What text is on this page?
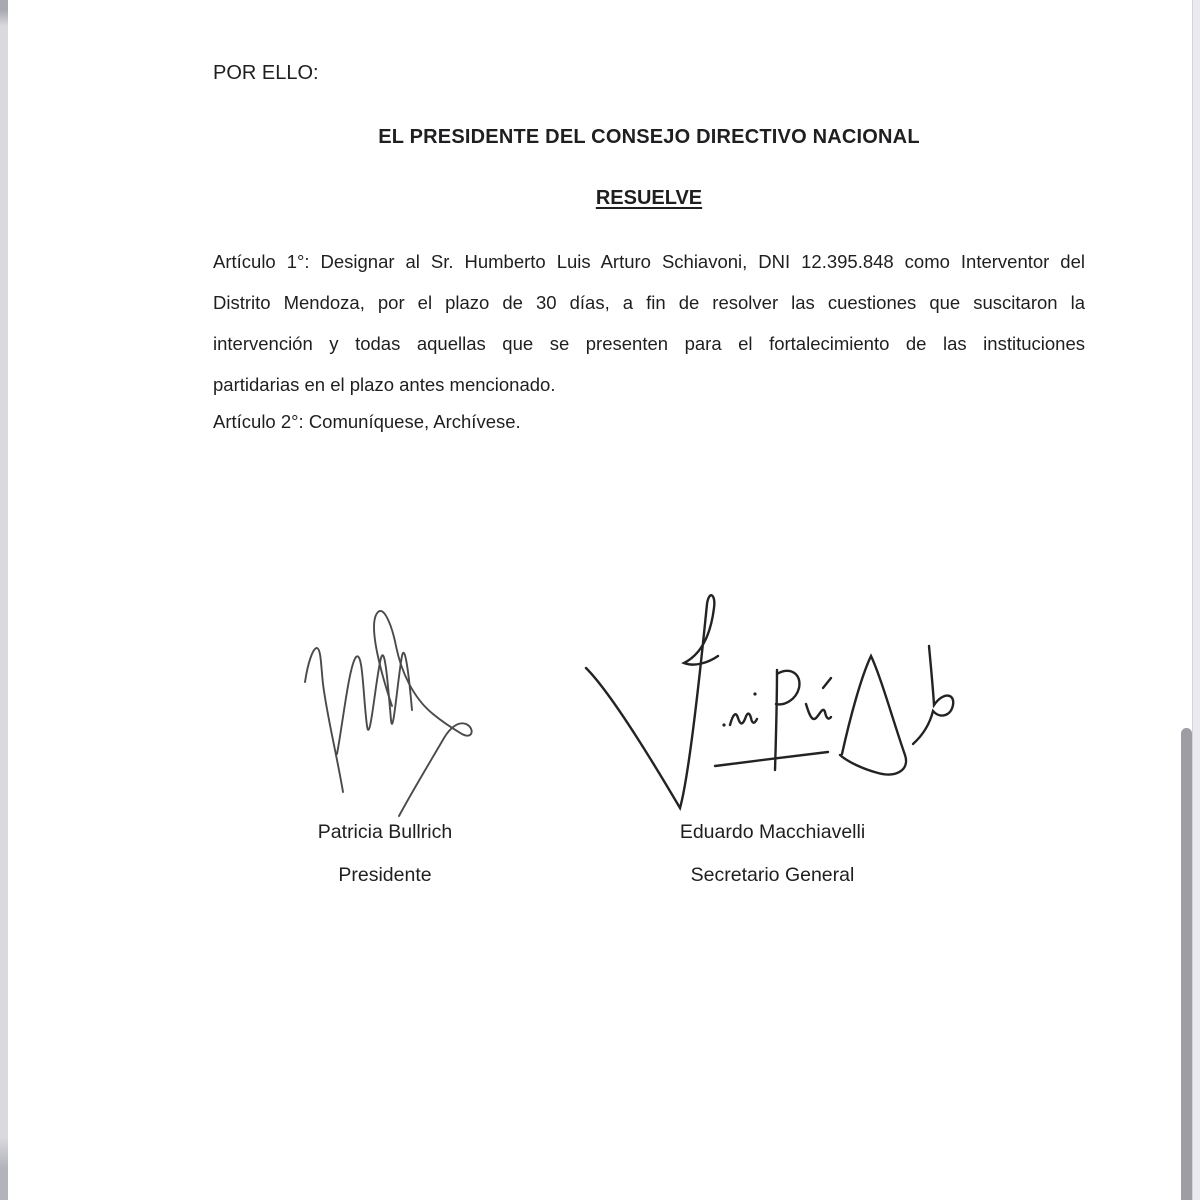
POR ELLO:
EL PRESIDENTE DEL CONSEJO DIRECTIVO NACIONAL
RESUELVE
Artículo 1°: Designar al Sr. Humberto Luis Arturo Schiavoni, DNI 12.395.848 como Interventor del
Distrito Mendoza, por el plazo de 30 días, a fin de resolver las cuestiones que suscitaron la
intervención y todas aquellas que se presenten para el fortalecimiento de las instituciones
partidarias en el plazo antes mencionado.
Artículo 2°: Comuníquese, Archívese.
Patricia Bullrich
Presidente
Eduardo Macchiavelli
Secretario General
